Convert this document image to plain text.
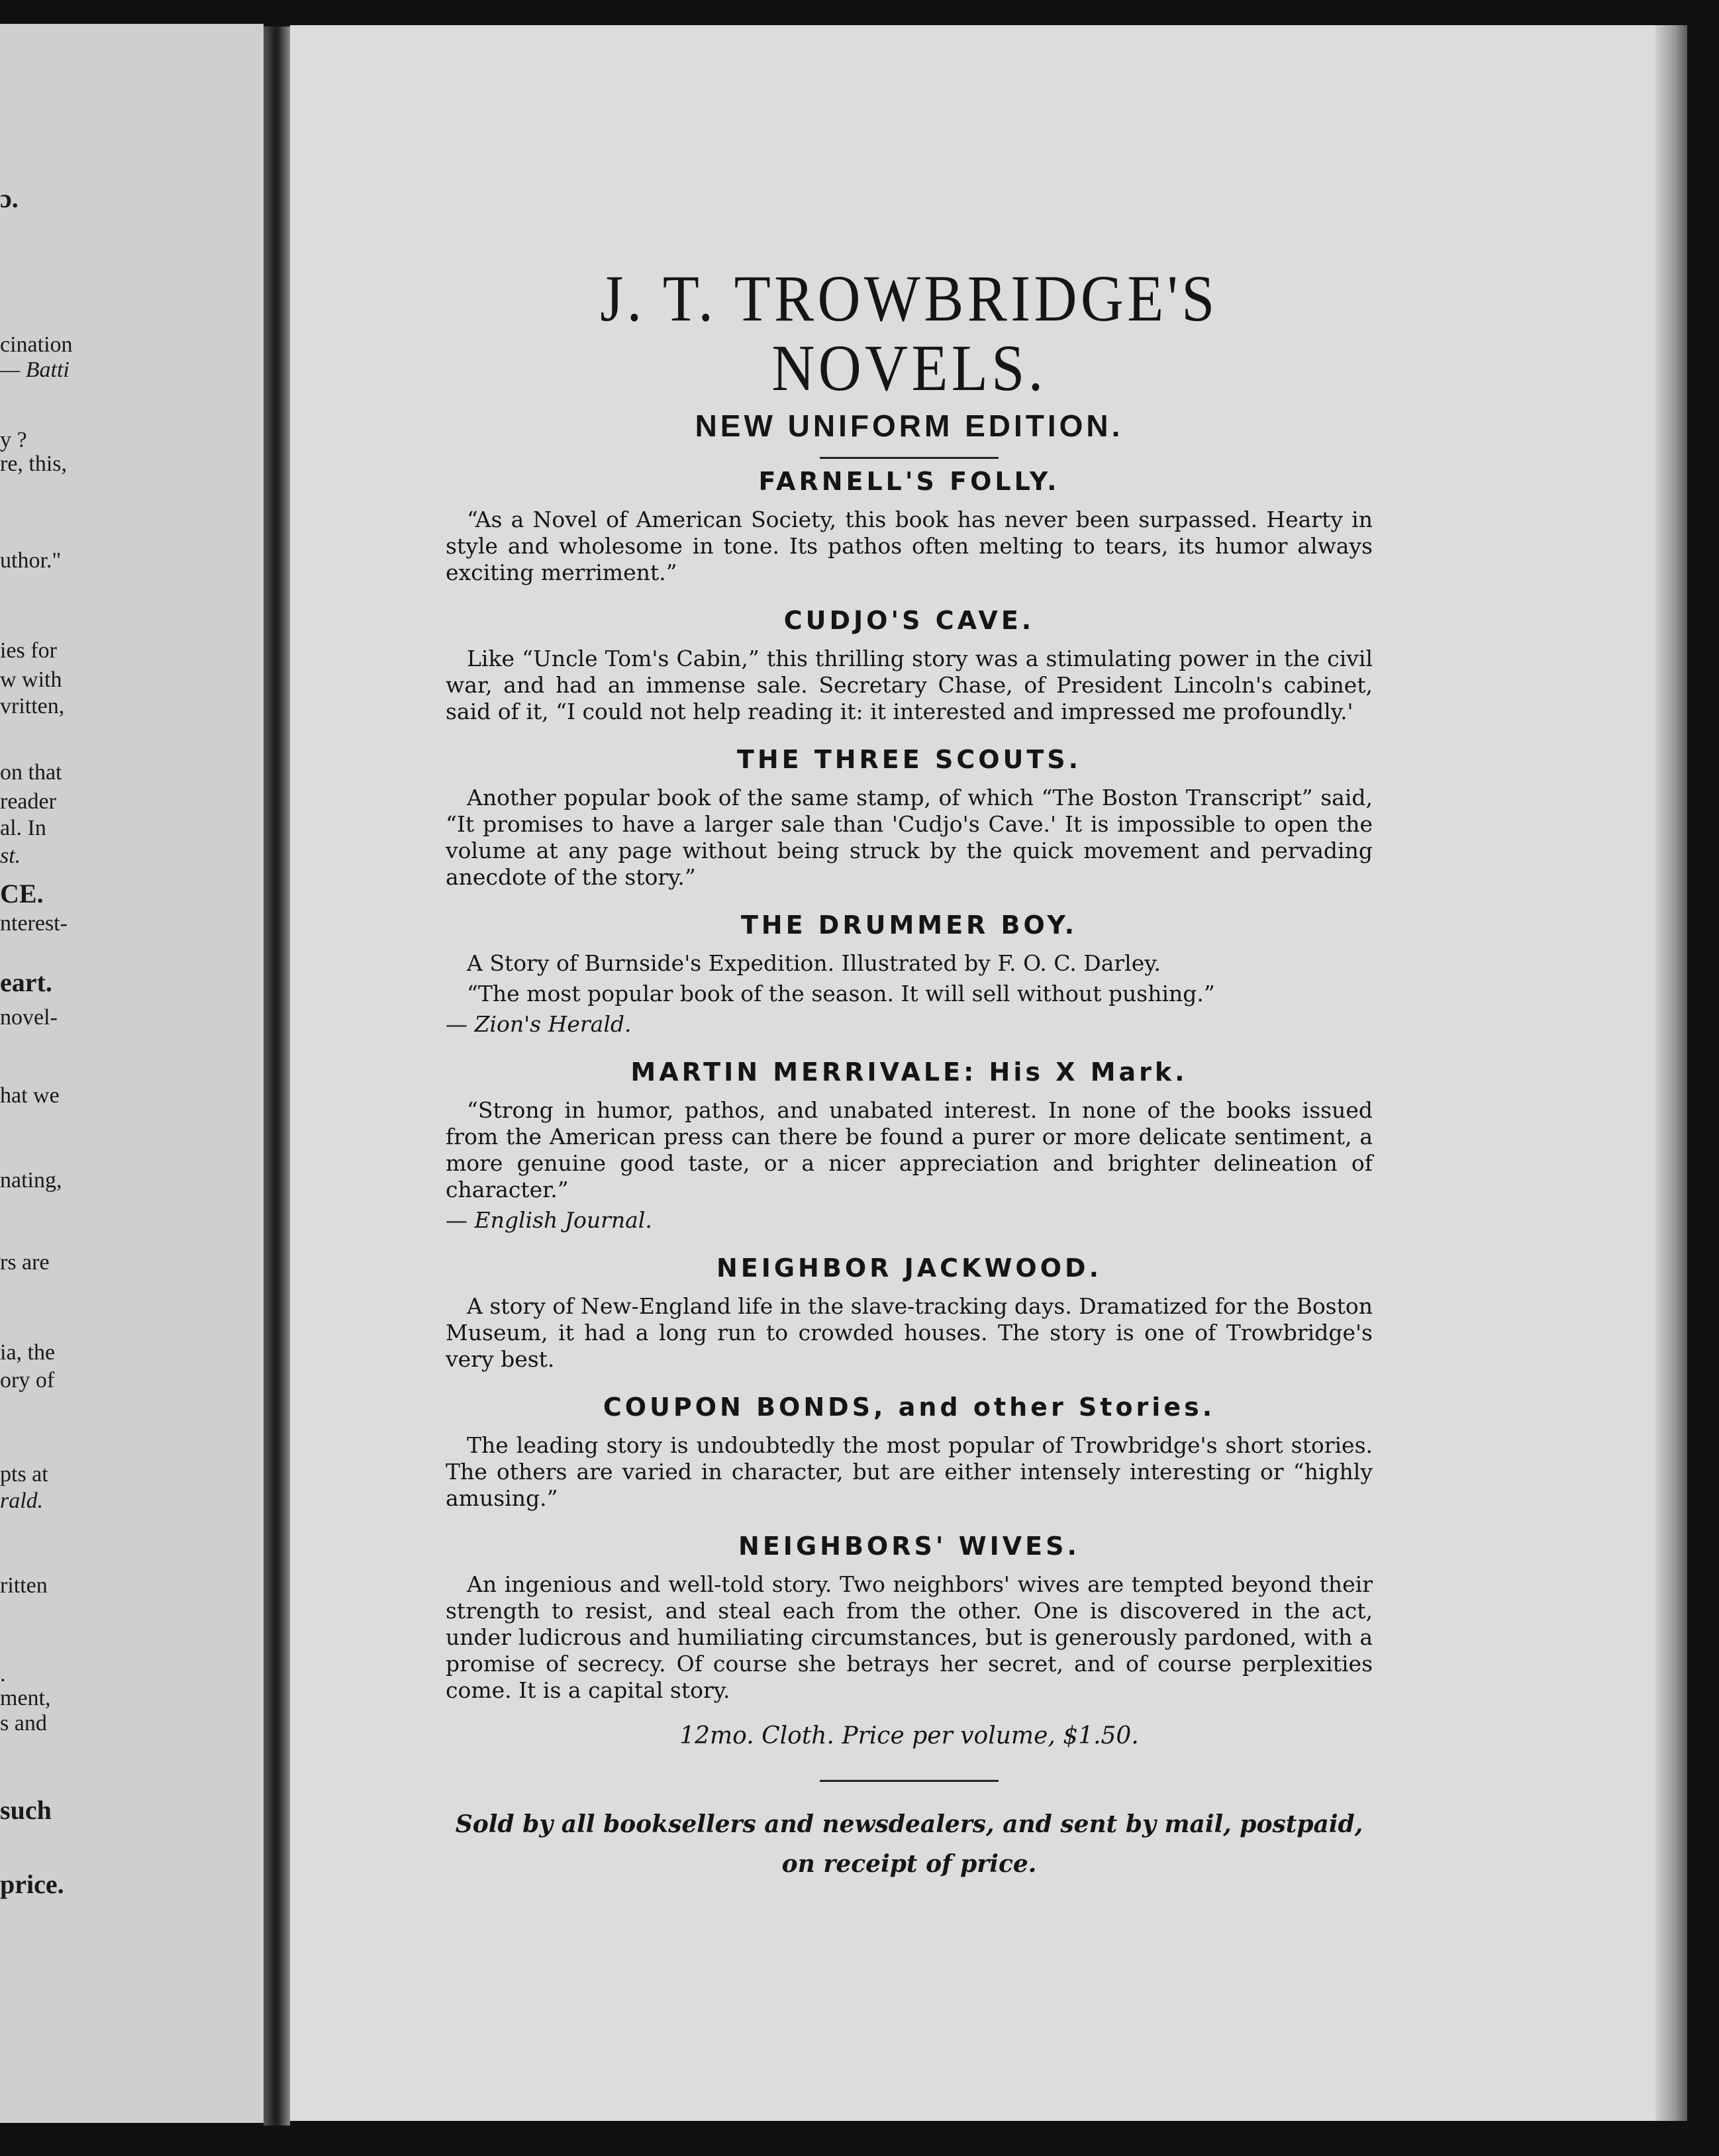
ɔ.

cination

— Batti

y ?

re, this,

uthor."

ies for

w with

vritten,

on that

reader

al. In

st.

CE.

nterest-

eart.

novel-

hat we

nating,

rs are

ia, the

ory of

pts at

rald.

ritten

.

ment,

s and

such

price.

J. T. TROWBRIDGE'S NOVELS.
NEW UNIFORM EDITION.
FARNELL'S FOLLY.

“As a Novel of American Society, this book has never been surpassed. Hearty in style and wholesome in tone. Its pathos often melting to tears, its humor always exciting merriment.”

CUDJO'S CAVE.

Like “Uncle Tom's Cabin,” this thrilling story was a stimulating power in the civil war, and had an immense sale. Secretary Chase, of President Lincoln's cabinet, said of it, “I could not help reading it: it interested and impressed me profoundly.'

THE THREE SCOUTS.

Another popular book of the same stamp, of which “The Boston Transcript” said, “It promises to have a larger sale than 'Cudjo's Cave.' It is impossible to open the volume at any page without being struck by the quick movement and pervading anecdote of the story.”

THE DRUMMER BOY.

A Story of Burnside's Expedition. Illustrated by F. O. C. Darley.

“The most popular book of the season. It will sell without pushing.”

— Zion's Herald.

MARTIN MERRIVALE: His X Mark.

“Strong in humor, pathos, and unabated interest. In none of the books issued from the American press can there be found a purer or more delicate sentiment, a more genuine good taste, or a nicer appreciation and brighter delineation of character.”

— English Journal.

NEIGHBOR JACKWOOD.

A story of New-England life in the slave-tracking days. Dramatized for the Boston Museum, it had a long run to crowded houses. The story is one of Trowbridge's very best.

COUPON BONDS, and other Stories.

The leading story is undoubtedly the most popular of Trowbridge's short stories. The others are varied in character, but are either intensely interesting or “highly amusing.”

NEIGHBORS' WIVES.

An ingenious and well-told story. Two neighbors' wives are tempted beyond their strength to resist, and steal each from the other. One is discovered in the act, under ludicrous and humiliating circumstances, but is generously pardoned, with a promise of secrecy. Of course she betrays her secret, and of course perplexities come. It is a capital story.

12mo. Cloth. Price per volume, $1.50.

Sold by all booksellers and newsdealers, and sent by mail, postpaid,

on receipt of price.
